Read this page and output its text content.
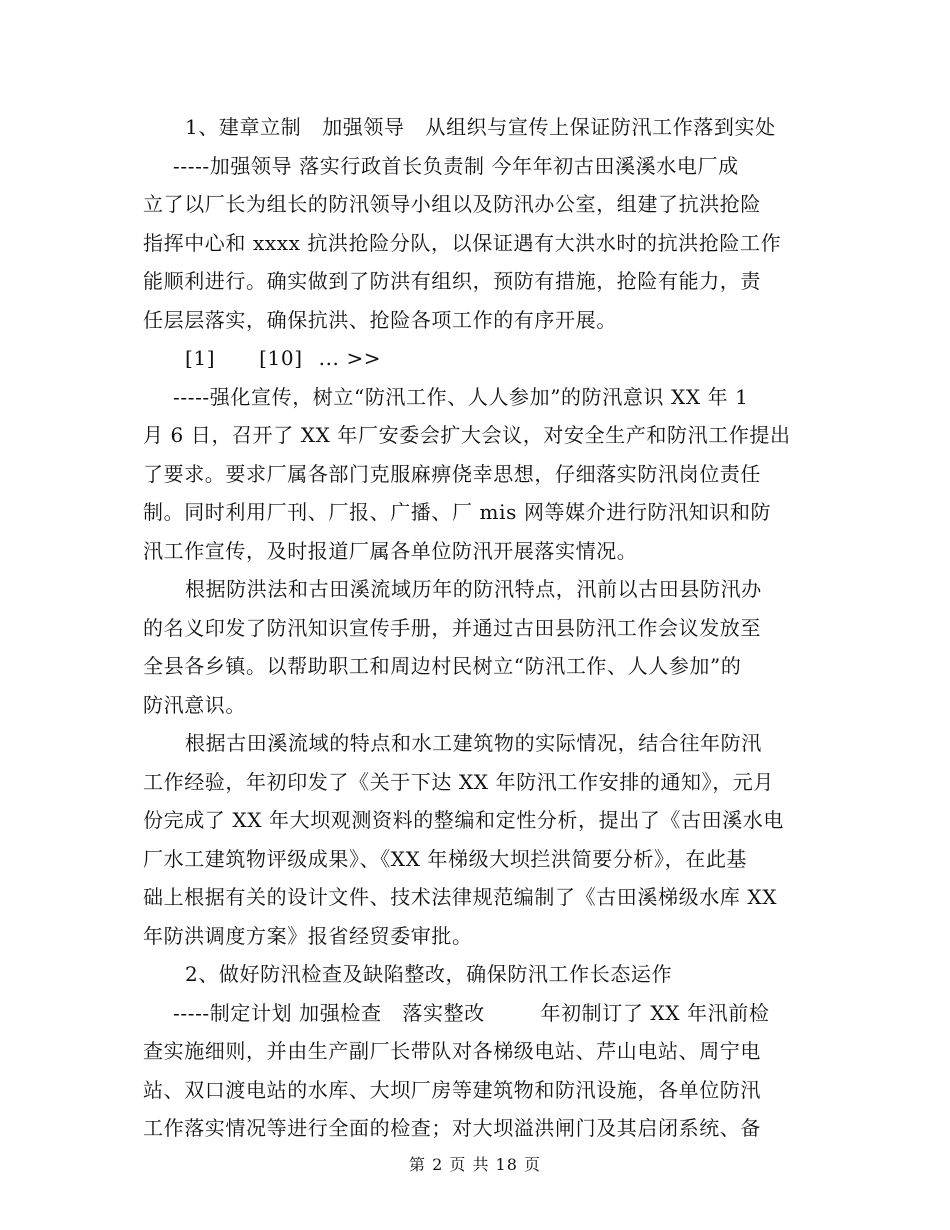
1、建章立制   加强领导   从组织与宣传上保证防汛工作落到实处
-----加强领导 落实行政首长负责制 今年年初古田溪溪水电厂成
立了以厂长为组长的防汛领导小组以及防汛办公室，组建了抗洪抢险
指挥中心和 xxxx 抗洪抢险分队，以保证遇有大洪水时的抗洪抢险工作
能顺利进行。确实做到了防洪有组织，预防有措施，抢险有能力，责
任层层落实，确保抗洪、抢险各项工作的有序开展。
[1] [10] ... >>
-----强化宣传，树立“防汛工作、人人参加”的防汛意识 XX 年 1
月 6 日，召开了 XX 年厂安委会扩大会议，对安全生产和防汛工作提出
了要求。要求厂属各部门克服麻痹侥幸思想，仔细落实防汛岗位责任
制。同时利用厂刊、厂报、广播、厂 mis 网等媒介进行防汛知识和防
汛工作宣传，及时报道厂属各单位防汛开展落实情况。
根据防洪法和古田溪流域历年的防汛特点，汛前以古田县防汛办
的名义印发了防汛知识宣传手册，并通过古田县防汛工作会议发放至
全县各乡镇。以帮助职工和周边村民树立“防汛工作、人人参加”的
防汛意识。
根据古田溪流域的特点和水工建筑物的实际情况，结合往年防汛
工作经验，年初印发了《关于下达 XX 年防汛工作安排的通知》，元月
份完成了 XX 年大坝观测资料的整编和定性分析，提出了《古田溪水电
厂水工建筑物评级成果》、《XX 年梯级大坝拦洪简要分析》，在此基
础上根据有关的设计文件、技术法律规范编制了《古田溪梯级水库 XX
年防洪调度方案》报省经贸委审批。
2、做好防汛检查及缺陷整改，确保防汛工作长态运作
-----制定计划 加强检查   落实整改        年初制订了 XX 年汛前检
查实施细则，并由生产副厂长带队对各梯级电站、芹山电站、周宁电
站、双口渡电站的水库、大坝厂房等建筑物和防汛设施，各单位防汛
工作落实情况等进行全面的检查；对大坝溢洪闸门及其启闭系统、备
第 2 页 共 18 页
